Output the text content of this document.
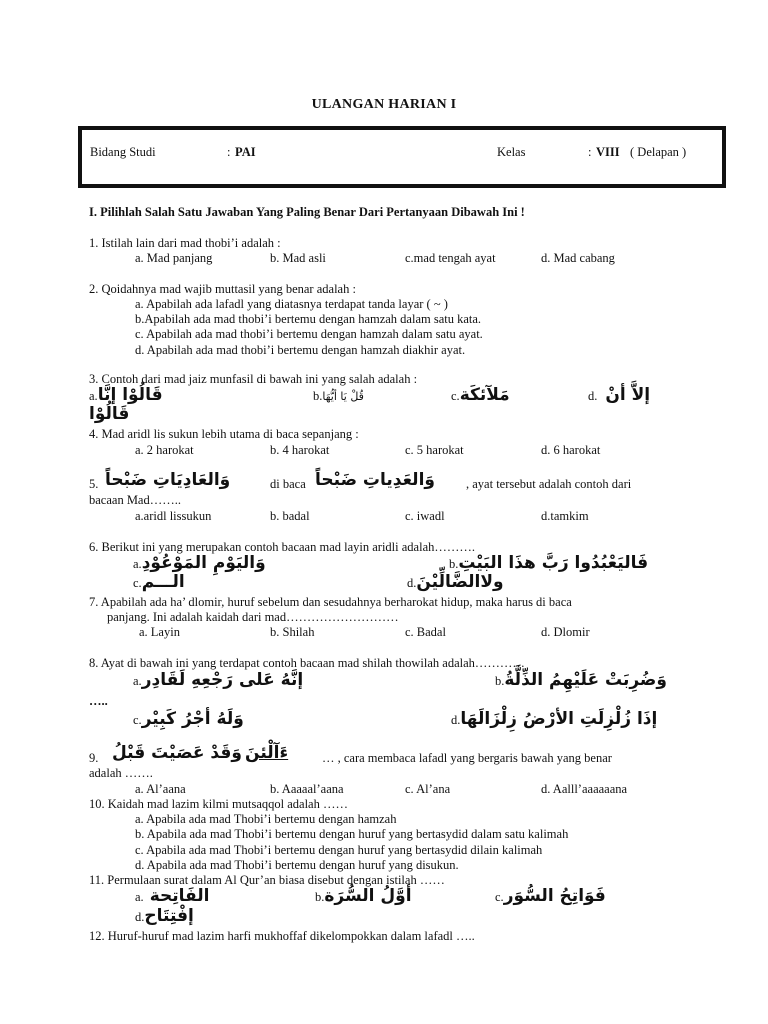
ULANGAN HARIAN I
Bidang Studi	: PAI	Kelas	: VIII ( Delapan )
I. Pilihlah Salah Satu Jawaban Yang Paling Benar Dari Pertanyaan Dibawah Ini !
1. Istilah lain dari mad thobi’i adalah :
a. Mad panjang	b. Mad asli	c.mad tengah ayat	d. Mad cabang
2. Qoidahnya mad wajib muttasil yang benar adalah :
a. Apabilah ada lafadl yang diatasnya terdapat tanda layar ( ~ )
b.Apabilah ada mad thobi’i bertemu dengan hamzah dalam satu kata.
c. Apabilah ada mad thobi’i bertemu dengan hamzah dalam satu ayat.
d. Apabilah ada mad thobi’i bertemu dengan hamzah diakhir ayat.
3. Contoh dari mad jaiz munfasil di bawah ini yang salah adalah :
a.قَالُوْا إنَّا	b.قُلْ يَا أيُّهَا	c.مَلآئكَة	d. إلاَّ أنْ
قَالُوْا
4. Mad aridl lis sukun lebih utama di baca sepanjang :
a. 2 harokat	b. 4 harokat	c. 5 harokat	d. 6 harokat
5. وَالعَادِيَاتِ ضَبْحاً	di baca وَالعَدِياتِ ضَبْحاً , ayat tersebut adalah contoh dari
bacaan Mad……..
a.aridl lissukun	b. badal	c. iwadl	d.tamkim
6. Berikut ini yang merupakan contoh bacaan mad layin aridli adalah……….
a.وَاليَوْمِ المَوْعُوْدِ	b.فَاليَعْبُدُوا رَبَّ هذَا البَيْتِ
c.الـــم	d.ولاالضَّالِّيْنَ
7. Apabilah ada ha’ dlomir, huruf sebelum dan sesudahnya berharokat hidup, maka harus di baca
panjang. Ini adalah kaidah dari mad………………………
a. Layin	b. Shilah	c. Badal	d. Dlomir
8. Ayat di bawah ini yang terdapat contoh bacaan mad shilah thowilah adalah…………
a.إنَّهُ عَلى رَجْعِهِ لَقَادِر	b.وَضُرِبَتْ عَلَيْهِمُ الذِّلَّةُ
…..
c.وَلَهُ أجْرُ كَبِيْر	d.إذَا زُلْزِلَتِ الأرْضُ زِلْزَالَهَا
9. وَقَدْ عَصَيْتَ قَبْلُ ءَآلْئنَ	… , cara membaca lafadl yang bergaris bawah yang benar
adalah …….
a. Al’aana	b. Aaaaal’aana	c. Al’ana	d. Aalll’aaaaaana
10. Kaidah mad lazim kilmi mutsaqqol adalah ……
a. Apabila ada mad Thobi’i bertemu dengan hamzah
b. Apabila ada mad Thobi’i bertemu dengan huruf yang bertasydid dalam satu kalimah
c. Apabila ada mad Thobi’i bertemu dengan huruf yang bertasydid dilain kalimah
d. Apabila ada mad Thobi’i bertemu dengan huruf yang disukun.
11. Permulaan surat dalam Al Qur’an biasa disebut dengan istilah ……
a. الفَاتِحة	b.أوَّلُ السُّرَة	c.فَوَاتِحُ السُّوَر
d.إفْتِتَاح
12. Huruf-huruf mad lazim harfi mukhoffaf dikelompokkan dalam lafadl …..
